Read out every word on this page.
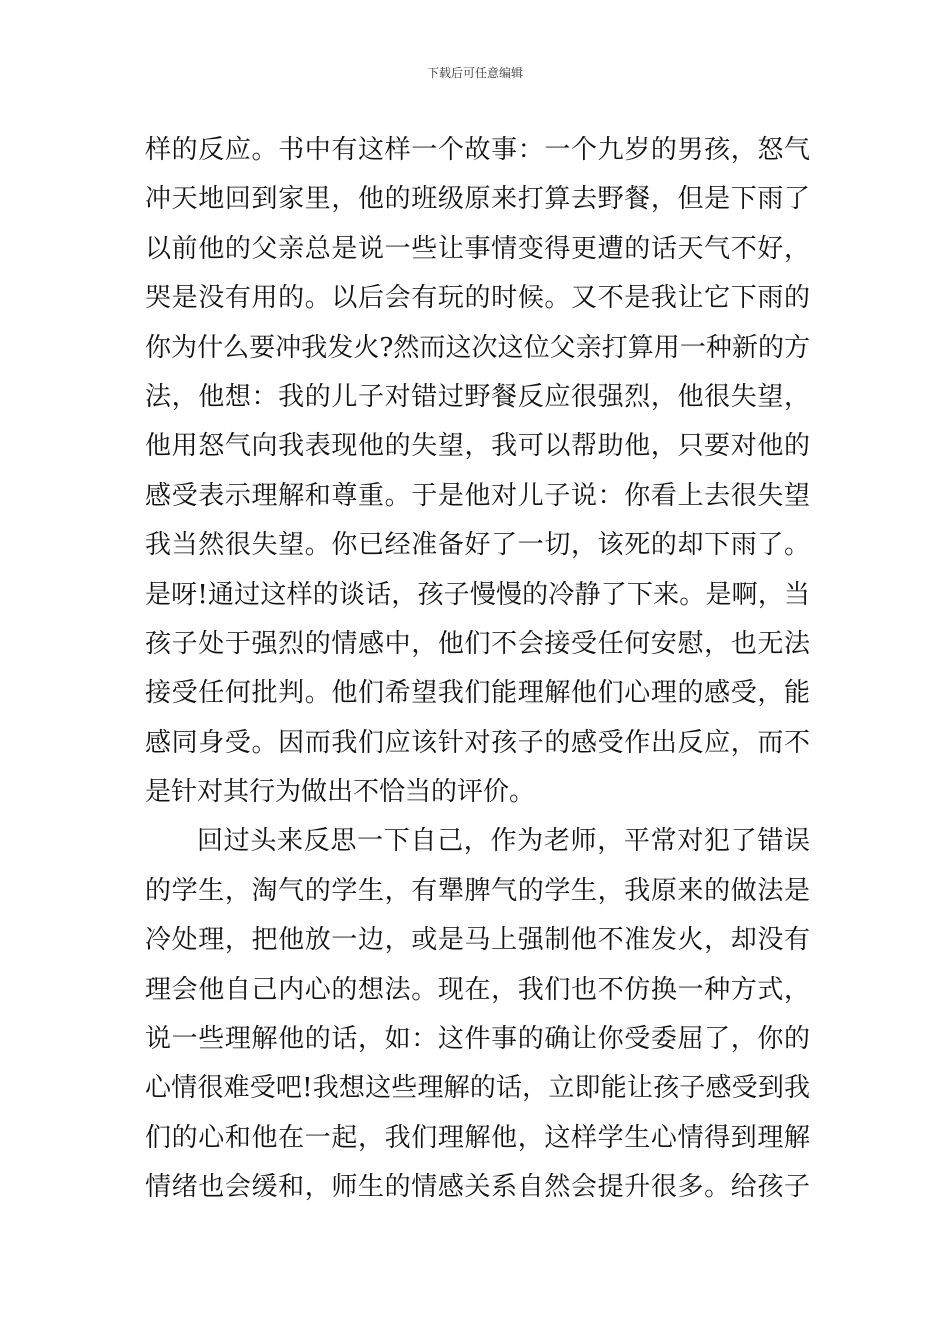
下载后可任意编辑
样的反应。书中有这样一个故事：一个九岁的男孩，怒气
冲天地回到家里，他的班级原来打算去野餐，但是下雨了
以前他的父亲总是说一些让事情变得更遭的话天气不好，
哭是没有用的。以后会有玩的时候。又不是我让它下雨的
你为什么要冲我发火?然而这次这位父亲打算用一种新的方
法，他想：我的儿子对错过野餐反应很强烈，他很失望，
他用怒气向我表现他的失望，我可以帮助他，只要对他的
感受表示理解和尊重。于是他对儿子说：你看上去很失望
我当然很失望。你已经准备好了一切，该死的却下雨了。
是呀!通过这样的谈话，孩子慢慢的冷静了下来。是啊，当
孩子处于强烈的情感中，他们不会接受任何安慰，也无法
接受任何批判。他们希望我们能理解他们心理的感受，能
感同身受。因而我们应该针对孩子的感受作出反应，而不
是针对其行为做出不恰当的评价。
回过头来反思一下自己，作为老师，平常对犯了错误
的学生，淘气的学生，有犟脾气的学生，我原来的做法是
冷处理，把他放一边，或是马上强制他不准发火，却没有
理会他自己内心的想法。现在，我们也不仿换一种方式，
说一些理解他的话，如：这件事的确让你受委屈了，你的
心情很难受吧!我想这些理解的话，立即能让孩子感受到我
们的心和他在一起，我们理解他，这样学生心情得到理解
情绪也会缓和，师生的情感关系自然会提升很多。给孩子
